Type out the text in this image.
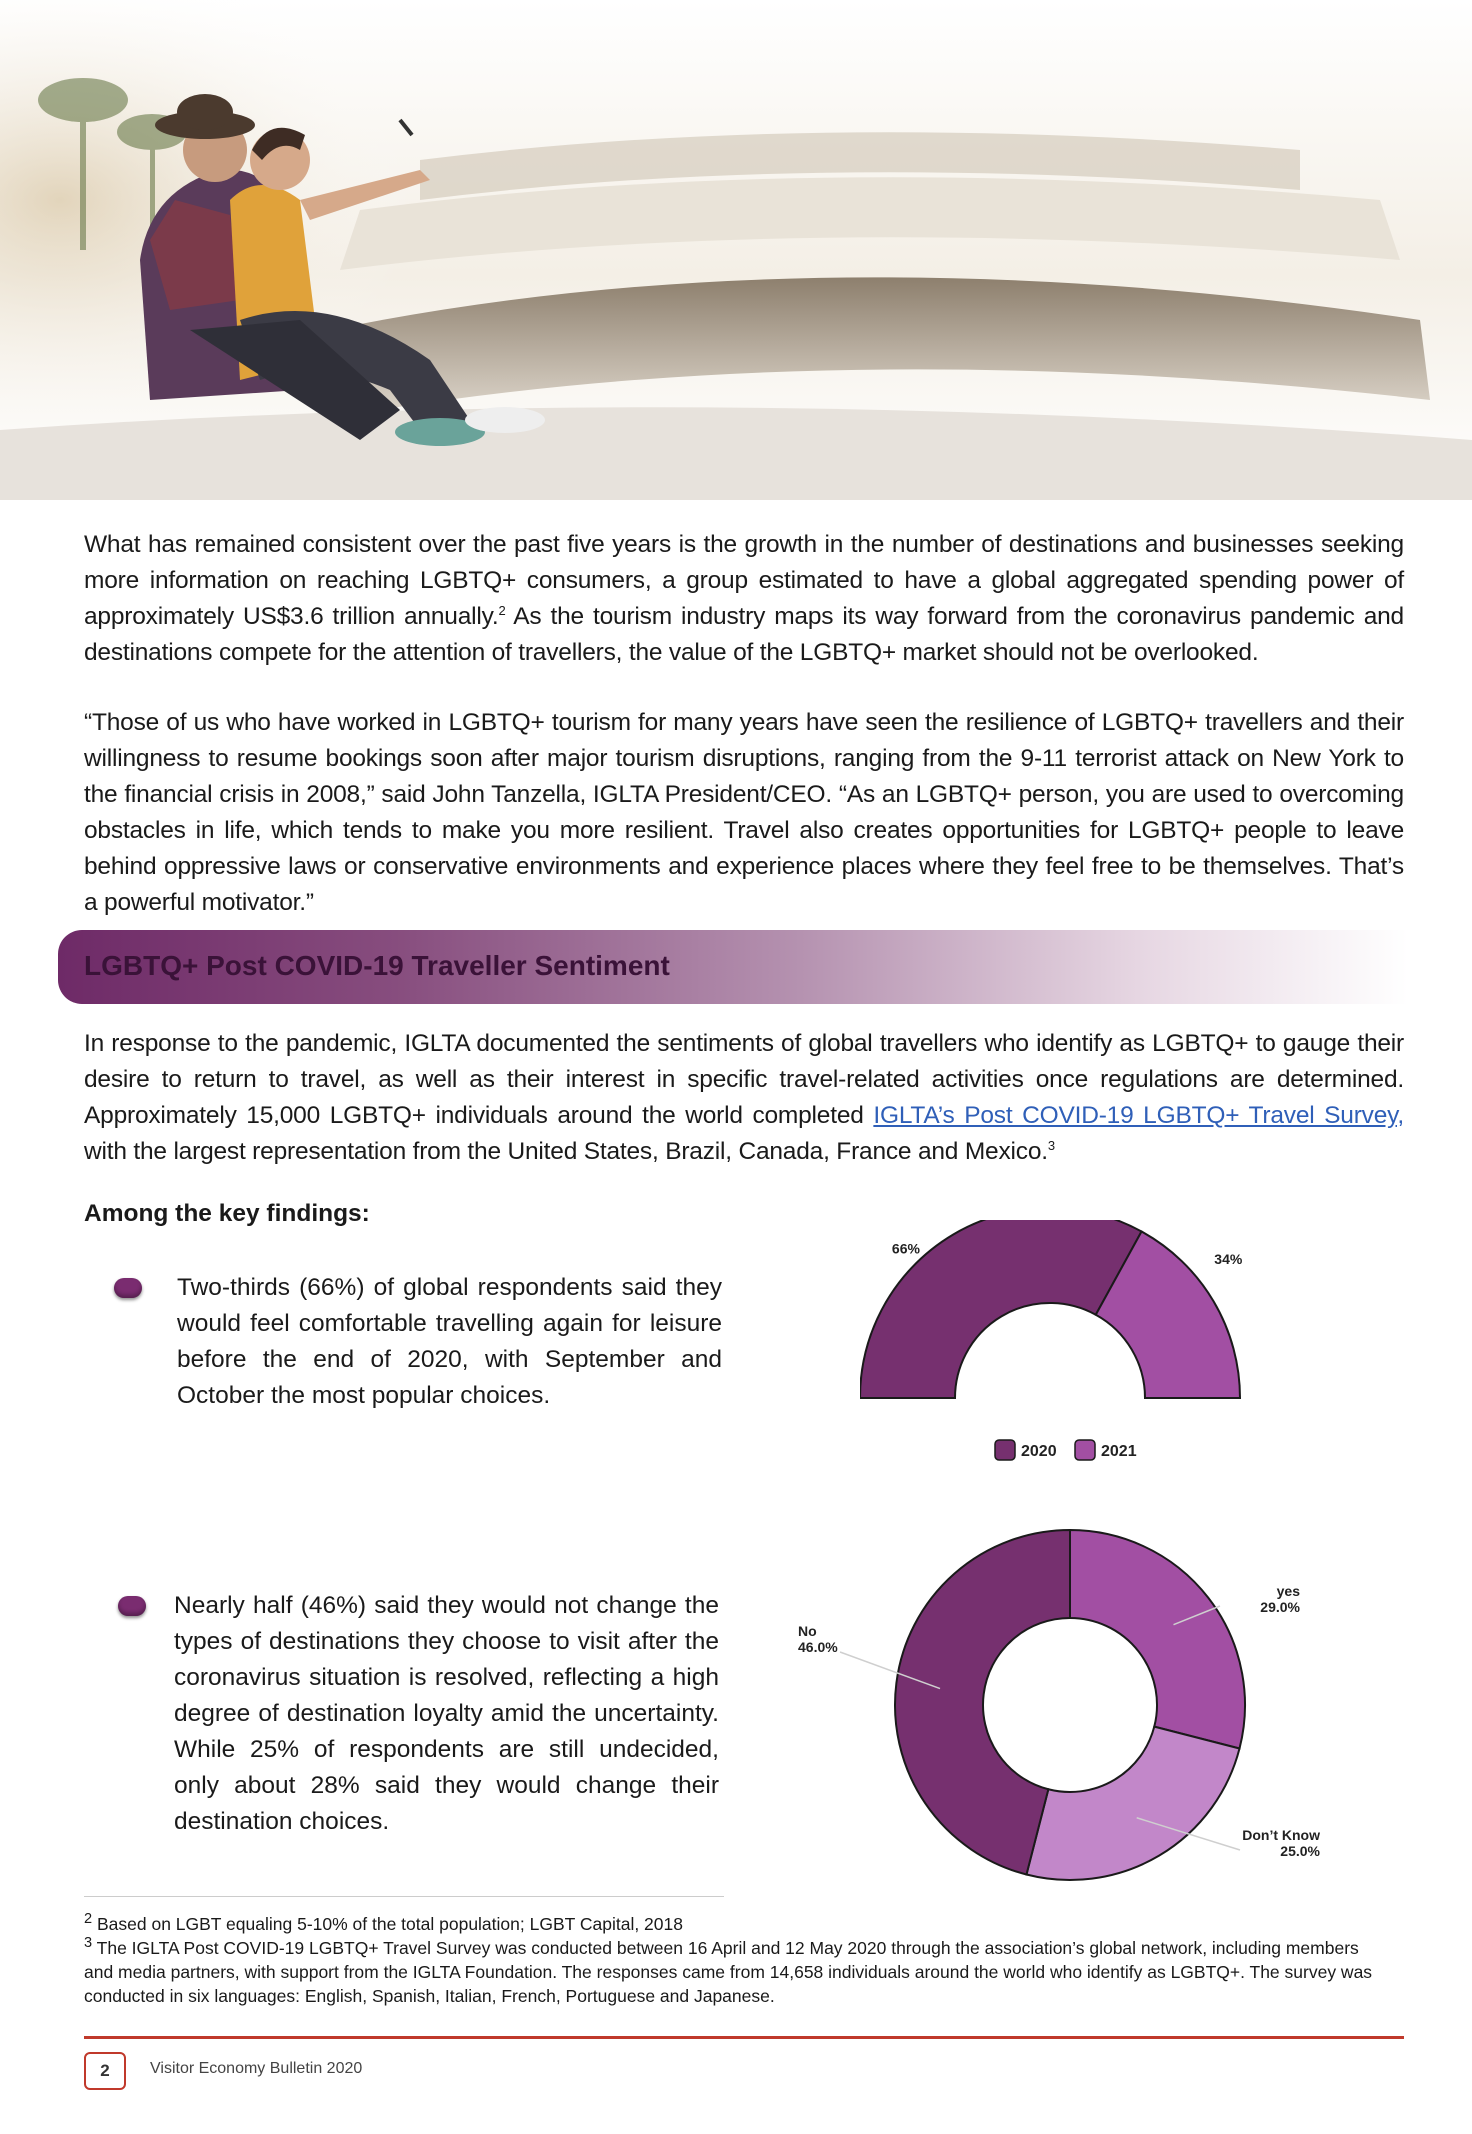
What has remained consistent over the past five years is the growth in the number of destinations and businesses seeking more information on reaching LGBTQ+ consumers, a group estimated to have a global aggregated spending power of approximately US$3.6 trillion annually.$^2$ As the tourism industry maps its way forward from the coronavirus pandemic and destinations compete for the attention of travellers, the value of the LGBTQ+ market should not be overlooked.

“Those of us who have worked in LGBTQ+ tourism for many years have seen the resilience of LGBTQ+ travellers and their willingness to resume bookings soon after major tourism disruptions, ranging from the 9-11 terrorist attack on New York to the financial crisis in 2008,” said John Tanzella, IGLTA President/CEO. “As an LGBTQ+ person, you are used to overcoming obstacles in life, which tends to make you more resilient. Travel also creates opportunities for LGBTQ+ people to leave behind oppressive laws or conservative environments and experience places where they feel free to be themselves. That’s a powerful motivator.”

LGBTQ+ Post COVID-19 Traveller Sentiment

In response to the pandemic, IGLTA documented the sentiments of global travellers who identify as LGBTQ+ to gauge their desire to return to travel, as well as their interest in specific travel-related activities once regulations are determined. Approximately 15,000 LGBTQ+ individuals around the world completed IGLTA’s Post COVID-19 LGBTQ+ Travel Survey, with the largest representation from the United States, Brazil, Canada, France and Mexico.$^3$

Among the key findings:

Two-thirds (66%) of global respondents said they would feel comfortable travelling again for leisure before the end of 2020, with September and October the most popular choices.

Nearly half (46%) said they would not change the types of destinations they choose to visit after the coronavirus situation is resolved, reflecting a high degree of destination loyalty amid the uncertainty. While 25% of respondents are still undecided, only about 28% said they would change their destination choices.

66%
34%
2020	2021
yes
29.0%
Don’t Know
25.0%
No
46.0%

$^2$ Based on LGBT equaling 5-10% of the total population; LGBT Capital, 2018

$^3$ The IGLTA Post COVID-19 LGBTQ+ Travel Survey was conducted between 16 April and 12 May 2020 through the association’s global network, including members and media partners, with support from the IGLTA Foundation. The responses came from 14,658 individuals around the world who identify as LGBTQ+. The survey was conducted in six languages: English, Spanish, Italian, French, Portuguese and Japanese.

2	Visitor Economy Bulletin 2020
